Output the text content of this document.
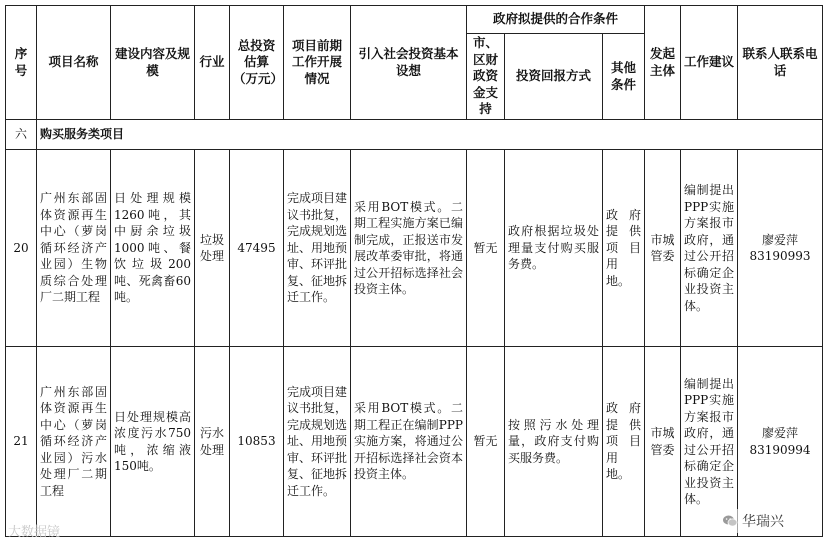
序号	项目名称	建设内容及规模	行业	总投资估算（万元）	项目前期工作开展情况	引入社会投资基本设想	政府拟提供的合作条件			发起主体	工作建议	联系人联系电话
							市、区财政资金支持	投资回报方式	其他条件			
六	购买服务类项目											
20	广州东部固体资源再生中心（萝岗循环经济产业园）生物质综合处理厂二期工程	日处理规模1260吨，其中厨余垃圾1000吨、餐饮垃圾200吨、死禽畜60吨。	垃圾处理	47495	完成项目建议书批复，完成规划选址、用地预审、环评批复、征地拆迁工作。	采用BOT模式。二期工程实施方案已编制完成，正报送市发展改革委审批，将通过公开招标选择社会投资主体。	暂无	政府根据垃圾处理量支付购买服务费。	政府提供项目用地。	市城管委	编制提出PPP实施方案报市政府，通过公开招标确定企业投资主体。	廖爱萍
83190993

21	广州东部固体资源再生中心（萝岗循环经济产业园）污水处理厂二期工程	日处理规模高浓度污水750吨，浓缩液150吨。	污水处理	10853	完成项目建议书批复，完成规划选址、用地预审、环评批复、征地拆迁工作。	采用BOT模式。二期工程正在编制PPP实施方案，将通过公开招标选择社会资本投资主体。	暂无	按照污水处理量，政府支付购买服务费。	政府提供项目用地。	市城管委	编制提出PPP实施方案报市政府，通过公开招标确定企业投资主体。	廖爱萍
83190994
大数据镜
华瑞兴
